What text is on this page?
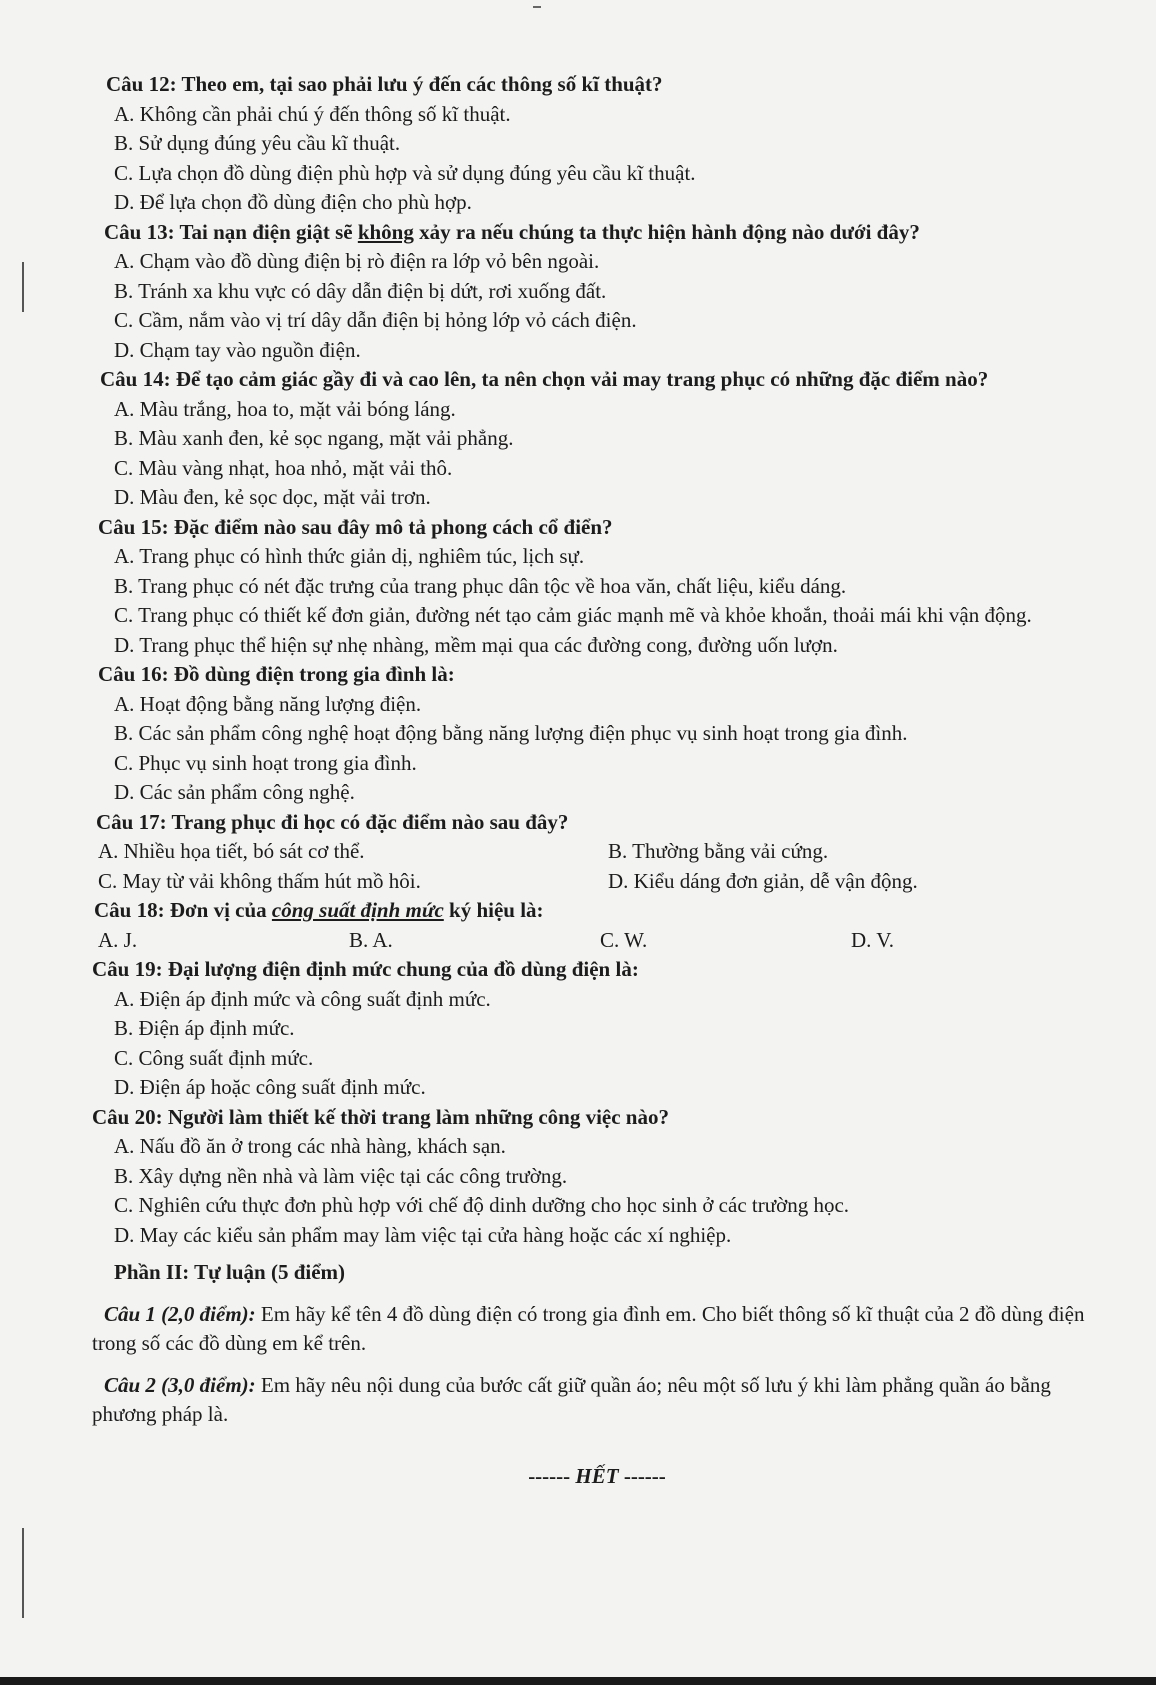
Câu 12: Theo em, tại sao phải lưu ý đến các thông số kĩ thuật?

A. Không cần phải chú ý đến thông số kĩ thuật.

B. Sử dụng đúng yêu cầu kĩ thuật.

C. Lựa chọn đồ dùng điện phù hợp và sử dụng đúng yêu cầu kĩ thuật.

D. Để lựa chọn đồ dùng điện cho phù hợp.

Câu 13: Tai nạn điện giật sẽ không xảy ra nếu chúng ta thực hiện hành động nào dưới đây?

A. Chạm vào đồ dùng điện bị rò điện ra lớp vỏ bên ngoài.

B. Tránh xa khu vực có dây dẫn điện bị dứt, rơi xuống đất.

C. Cầm, nắm vào vị trí dây dẫn điện bị hỏng lớp vỏ cách điện.

D. Chạm tay vào nguồn điện.

Câu 14: Để tạo cảm giác gầy đi và cao lên, ta nên chọn vải may trang phục có những đặc điểm nào?

A. Màu trắng, hoa to, mặt vải bóng láng.

B. Màu xanh đen, kẻ sọc ngang, mặt vải phẳng.

C. Màu vàng nhạt, hoa nhỏ, mặt vải thô.

D. Màu đen, kẻ sọc dọc, mặt vải trơn.

Câu 15: Đặc điểm nào sau đây mô tả phong cách cổ điển?

A. Trang phục có hình thức giản dị, nghiêm túc, lịch sự.

B. Trang phục có nét đặc trưng của trang phục dân tộc về hoa văn, chất liệu, kiểu dáng.

C. Trang phục có thiết kế đơn giản, đường nét tạo cảm giác mạnh mẽ và khỏe khoắn, thoải mái khi vận động.

D. Trang phục thể hiện sự nhẹ nhàng, mềm mại qua các đường cong, đường uốn lượn.

Câu 16: Đồ dùng điện trong gia đình là:

A. Hoạt động bằng năng lượng điện.

B. Các sản phẩm công nghệ hoạt động bằng năng lượng điện phục vụ sinh hoạt trong gia đình.

C. Phục vụ sinh hoạt trong gia đình.

D. Các sản phẩm công nghệ.

Câu 17: Trang phục đi học có đặc điểm nào sau đây?

A. Nhiều họa tiết, bó sát cơ thể.	B. Thường bằng vải cứng.
C. May từ vải không thấm hút mồ hôi.	D. Kiểu dáng đơn giản, dễ vận động.

Câu 18: Đơn vị của công suất định mức ký hiệu là:

A. J.	B. A.	C. W.	D. V.

Câu 19: Đại lượng điện định mức chung của đồ dùng điện là:

A. Điện áp định mức và công suất định mức.

B. Điện áp định mức.

C. Công suất định mức.

D. Điện áp hoặc công suất định mức.

Câu 20: Người làm thiết kế thời trang làm những công việc nào?

A. Nấu đồ ăn ở trong các nhà hàng, khách sạn.

B. Xây dựng nền nhà và làm việc tại các công trường.

C. Nghiên cứu thực đơn phù hợp với chế độ dinh dưỡng cho học sinh ở các trường học.

D. May các kiểu sản phẩm may làm việc tại cửa hàng hoặc các xí nghiệp.

Phần II: Tự luận (5 điểm)

Câu 1 (2,0 điểm): Em hãy kể tên 4 đồ dùng điện có trong gia đình em. Cho biết thông số kĩ thuật của 2 đồ dùng điện trong số các đồ dùng em kể trên.

Câu 2 (3,0 điểm): Em hãy nêu nội dung của bước cất giữ quần áo; nêu một số lưu ý khi làm phẳng quần áo bằng phương pháp là.

------ HẾT ------
